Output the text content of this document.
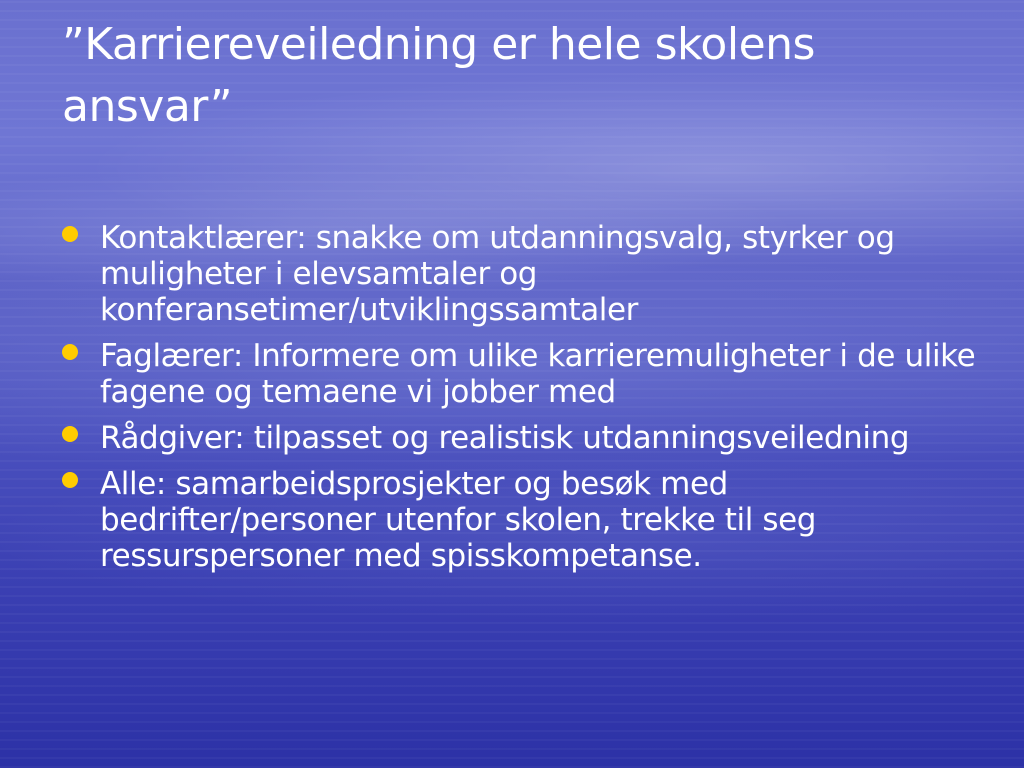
”Karriereveiledning er hele skolens ansvar”
Kontaktlærer: snakke om utdanningsvalg, styrker og muligheter i elevsamtaler og konferansetimer/utviklingssamtaler
Faglærer: Informere om ulike karrieremuligheter i de ulike fagene og temaene vi jobber med
Rådgiver: tilpasset og realistisk utdanningsveiledning
Alle: samarbeidsprosjekter og besøk med bedrifter/personer utenfor skolen, trekke til seg ressurspersoner med spisskompetanse.
